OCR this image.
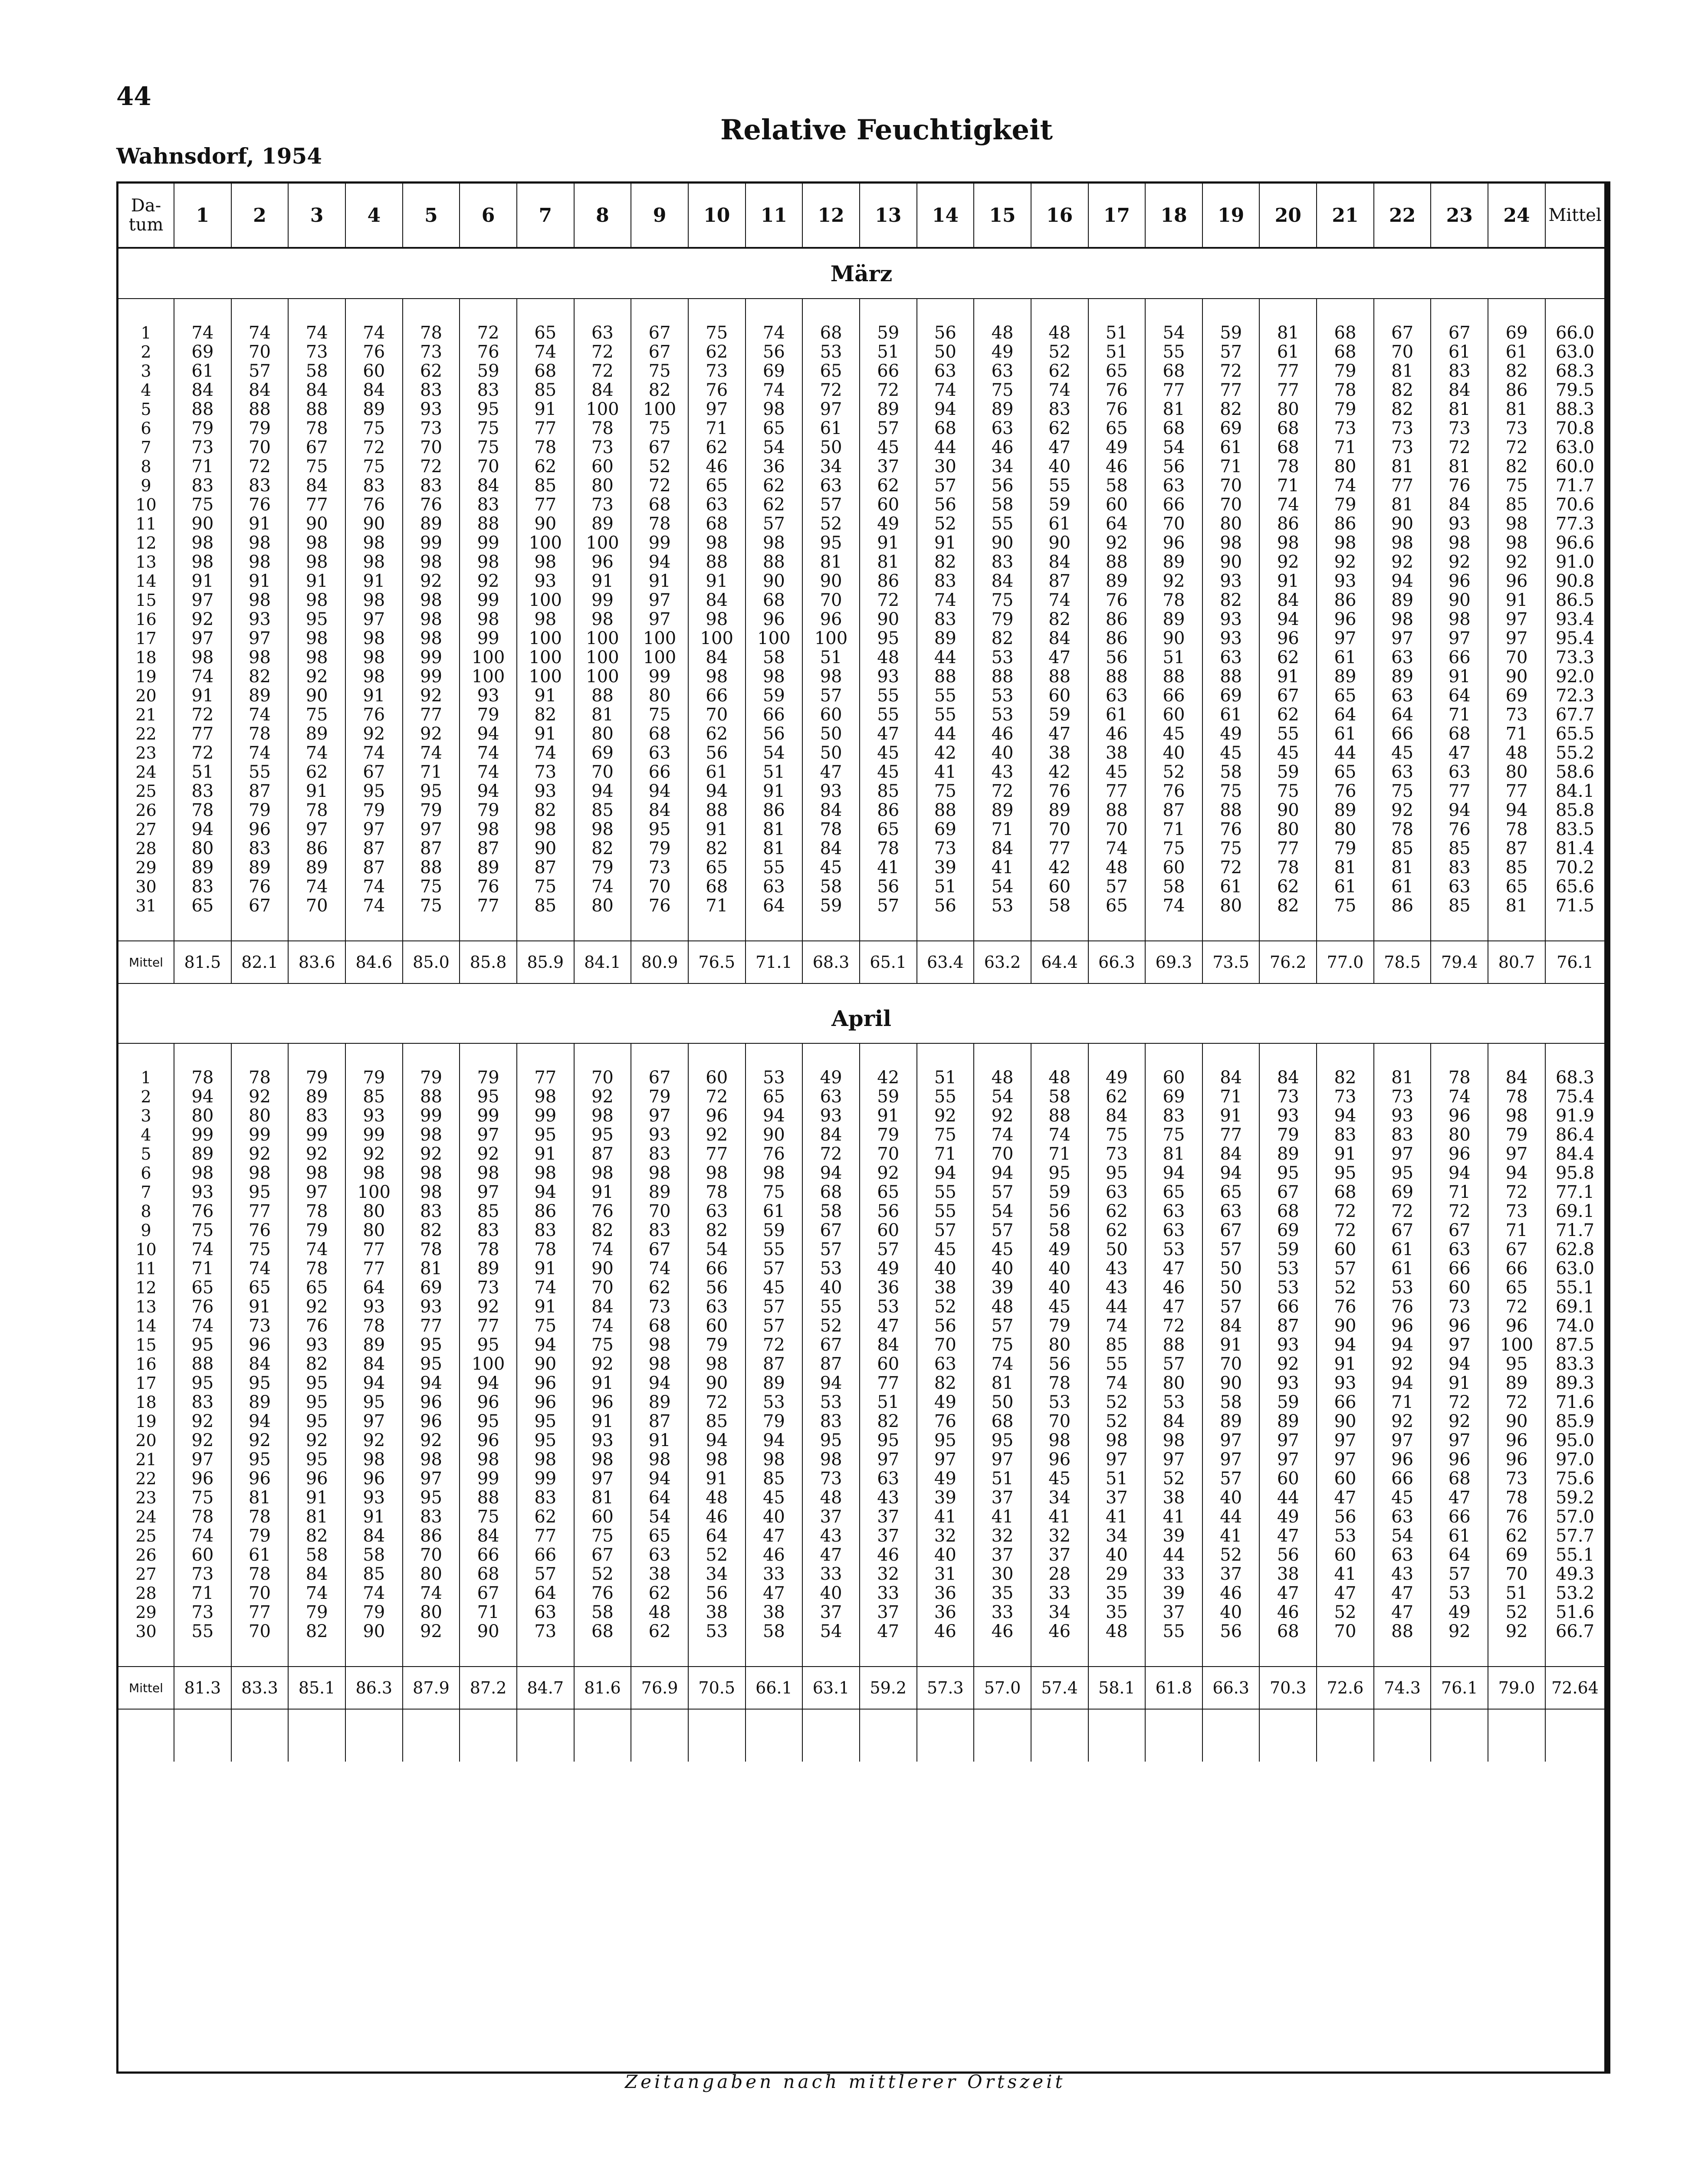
44
Wahnsdorf, 1954
Relative Feuchtigkeit
Da-
tum	1	2	3	4	5	6	7	8	9	10	11	12	13	14	15	16	17	18	19	20	21	22	23	24	Mittel
März																									

1	74	74	74	74	78	72	65	63	67	75	74	68	59	56	48	48	51	54	59	81	68	67	67	69	66.0
2	69	70	73	76	73	76	74	72	67	62	56	53	51	50	49	52	51	55	57	61	68	70	61	61	63.0
3	61	57	58	60	62	59	68	72	75	73	69	65	66	63	63	62	65	68	72	77	79	81	83	82	68.3
4	84	84	84	84	83	83	85	84	82	76	74	72	72	74	75	74	76	77	77	77	78	82	84	86	79.5
5	88	88	88	89	93	95	91	100	100	97	98	97	89	94	89	83	76	81	82	80	79	82	81	81	88.3
6	79	79	78	75	73	75	77	78	75	71	65	61	57	68	63	62	65	68	69	68	73	73	73	73	70.8
7	73	70	67	72	70	75	78	73	67	62	54	50	45	44	46	47	49	54	61	68	71	73	72	72	63.0
8	71	72	75	75	72	70	62	60	52	46	36	34	37	30	34	40	46	56	71	78	80	81	81	82	60.0
9	83	83	84	83	83	84	85	80	72	65	62	63	62	57	56	55	58	63	70	71	74	77	76	75	71.7
10	75	76	77	76	76	83	77	73	68	63	62	57	60	56	58	59	60	66	70	74	79	81	84	85	70.6
11	90	91	90	90	89	88	90	89	78	68	57	52	49	52	55	61	64	70	80	86	86	90	93	98	77.3
12	98	98	98	98	99	99	100	100	99	98	98	95	91	91	90	90	92	96	98	98	98	98	98	98	96.6
13	98	98	98	98	98	98	98	96	94	88	88	81	81	82	83	84	88	89	90	92	92	92	92	92	91.0
14	91	91	91	91	92	92	93	91	91	91	90	90	86	83	84	87	89	92	93	91	93	94	96	96	90.8
15	97	98	98	98	98	99	100	99	97	84	68	70	72	74	75	74	76	78	82	84	86	89	90	91	86.5
16	92	93	95	97	98	98	98	98	97	98	96	96	90	83	79	82	86	89	93	94	96	98	98	97	93.4
17	97	97	98	98	98	99	100	100	100	100	100	100	95	89	82	84	86	90	93	96	97	97	97	97	95.4
18	98	98	98	98	99	100	100	100	100	84	58	51	48	44	53	47	56	51	63	62	61	63	66	70	73.3
19	74	82	92	98	99	100	100	100	99	98	98	98	93	88	88	88	88	88	88	91	89	89	91	90	92.0
20	91	89	90	91	92	93	91	88	80	66	59	57	55	55	53	60	63	66	69	67	65	63	64	69	72.3
21	72	74	75	76	77	79	82	81	75	70	66	60	55	55	53	59	61	60	61	62	64	64	71	73	67.7
22	77	78	89	92	92	94	91	80	68	62	56	50	47	44	46	47	46	45	49	55	61	66	68	71	65.5
23	72	74	74	74	74	74	74	69	63	56	54	50	45	42	40	38	38	40	45	45	44	45	47	48	55.2
24	51	55	62	67	71	74	73	70	66	61	51	47	45	41	43	42	45	52	58	59	65	63	63	80	58.6
25	83	87	91	95	95	94	93	94	94	94	91	93	85	75	72	76	77	76	75	75	76	75	77	77	84.1
26	78	79	78	79	79	79	82	85	84	88	86	84	86	88	89	89	88	87	88	90	89	92	94	94	85.8
27	94	96	97	97	97	98	98	98	95	91	81	78	65	69	71	70	70	71	76	80	80	78	76	78	83.5
28	80	83	86	87	87	87	90	82	79	82	81	84	78	73	84	77	74	75	75	77	79	85	85	87	81.4
29	89	89	89	87	88	89	87	79	73	65	55	45	41	39	41	42	48	60	72	78	81	81	83	85	70.2
30	83	76	74	74	75	76	75	74	70	68	63	58	56	51	54	60	57	58	61	62	61	61	63	65	65.6
31	65	67	70	74	75	77	85	80	76	71	64	59	57	56	53	58	65	74	80	82	75	86	85	81	71.5

Mittel	81.5	82.1	83.6	84.6	85.0	85.8	85.9	84.1	80.9	76.5	71.1	68.3	65.1	63.4	63.2	64.4	66.3	69.3	73.5	76.2	77.0	78.5	79.4	80.7	76.1

April																									

1	78	78	79	79	79	79	77	70	67	60	53	49	42	51	48	48	49	60	84	84	82	81	78	84	68.3
2	94	92	89	85	88	95	98	92	79	72	65	63	59	55	54	58	62	69	71	73	73	73	74	78	75.4
3	80	80	83	93	99	99	99	98	97	96	94	93	91	92	92	88	84	83	91	93	94	93	96	98	91.9
4	99	99	99	99	98	97	95	95	93	92	90	84	79	75	74	74	75	75	77	79	83	83	80	79	86.4
5	89	92	92	92	92	92	91	87	83	77	76	72	70	71	70	71	73	81	84	89	91	97	96	97	84.4
6	98	98	98	98	98	98	98	98	98	98	98	94	92	94	94	95	95	94	94	95	95	95	94	94	95.8
7	93	95	97	100	98	97	94	91	89	78	75	68	65	55	57	59	63	65	65	67	68	69	71	72	77.1
8	76	77	78	80	83	85	86	76	70	63	61	58	56	55	54	56	62	63	63	68	72	72	72	73	69.1
9	75	76	79	80	82	83	83	82	83	82	59	67	60	57	57	58	62	63	67	69	72	67	67	71	71.7
10	74	75	74	77	78	78	78	74	67	54	55	57	57	45	45	49	50	53	57	59	60	61	63	67	62.8
11	71	74	78	77	81	89	91	90	74	66	57	53	49	40	40	40	43	47	50	53	57	61	66	66	63.0
12	65	65	65	64	69	73	74	70	62	56	45	40	36	38	39	40	43	46	50	53	52	53	60	65	55.1
13	76	91	92	93	93	92	91	84	73	63	57	55	53	52	48	45	44	47	57	66	76	76	73	72	69.1
14	74	73	76	78	77	77	75	74	68	60	57	52	47	56	57	79	74	72	84	87	90	96	96	96	74.0
15	95	96	93	89	95	95	94	75	98	79	72	67	84	70	75	80	85	88	91	93	94	94	97	100	87.5
16	88	84	82	84	95	100	90	92	98	98	87	87	60	63	74	56	55	57	70	92	91	92	94	95	83.3
17	95	95	95	94	94	94	96	91	94	90	89	94	77	82	81	78	74	80	90	93	93	94	91	89	89.3
18	83	89	95	95	96	96	96	96	89	72	53	53	51	49	50	53	52	53	58	59	66	71	72	72	71.6
19	92	94	95	97	96	95	95	91	87	85	79	83	82	76	68	70	52	84	89	89	90	92	92	90	85.9
20	92	92	92	92	92	96	95	93	91	94	94	95	95	95	95	98	98	98	97	97	97	97	97	96	95.0
21	97	95	95	98	98	98	98	98	98	98	98	98	97	97	97	96	97	97	97	97	97	96	96	96	97.0
22	96	96	96	96	97	99	99	97	94	91	85	73	63	49	51	45	51	52	57	60	60	66	68	73	75.6
23	75	81	91	93	95	88	83	81	64	48	45	48	43	39	37	34	37	38	40	44	47	45	47	78	59.2
24	78	78	81	91	83	75	62	60	54	46	40	37	37	41	41	41	41	41	44	49	56	63	66	76	57.0
25	74	79	82	84	86	84	77	75	65	64	47	43	37	32	32	32	34	39	41	47	53	54	61	62	57.7
26	60	61	58	58	70	66	66	67	63	52	46	47	46	40	37	37	40	44	52	56	60	63	64	69	55.1
27	73	78	84	85	80	68	57	52	38	34	33	33	32	31	30	28	29	33	37	38	41	43	57	70	49.3
28	71	70	74	74	74	67	64	76	62	56	47	40	33	36	35	33	35	39	46	47	47	47	53	51	53.2
29	73	77	79	79	80	71	63	58	48	38	38	37	37	36	33	34	35	37	40	46	52	47	49	52	51.6
30	55	70	82	90	92	90	73	68	62	53	58	54	47	46	46	46	48	55	56	68	70	88	92	92	66.7

Mittel	81.3	83.3	85.1	86.3	87.9	87.2	84.7	81.6	76.9	70.5	66.1	63.1	59.2	57.3	57.0	57.4	58.1	61.8	66.3	70.3	72.6	74.3	76.1	79.0	72.64

Zeitangaben nach mittlerer Ortszeit
